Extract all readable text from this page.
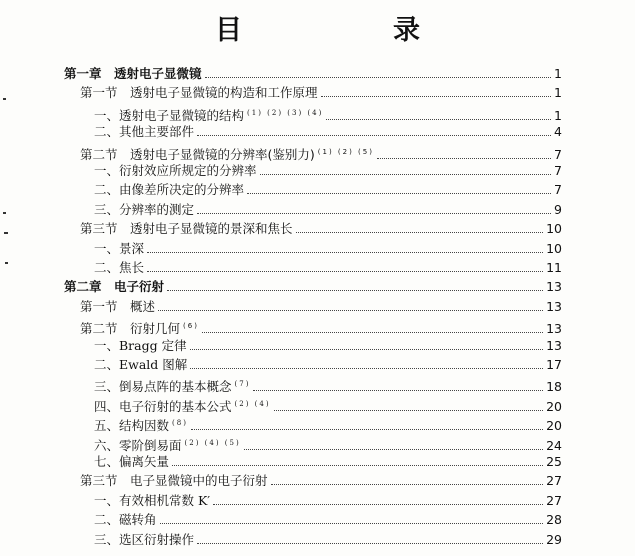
目　录
第一章　透射电子显微镜	1
第一节　透射电子显微镜的构造和工作原理	1
一、透射电子显微镜的结构 $^{(1) (2) (3) (4)}$	1
二、其他主要部件	4
第二节　透射电子显微镜的分辨率(鉴别力) $^{(1) (2) (5)}$	7
一、衍射效应所规定的分辨率	7
二、由像差所决定的分辨率	7
三、分辨率的测定	9
第三节　透射电子显微镜的景深和焦长	10
一、景深	10
二、焦长	11
第二章　电子衍射	13
第一节　概述	13
第二节　衍射几何 $^{(6)}$	13
一、Bragg 定律	13
二、Ewald 图解	17
三、倒易点阵的基本概念 $^{(7)}$	18
四、电子衍射的基本公式 $^{(2) (4)}$	20
五、结构因数 $^{(8)}$	20
六、零阶倒易面 $^{(2) (4) (5)}$	24
七、偏离矢量	25
第三节　电子显微镜中的电子衍射	27
一、有效相机常数 K′	27
二、磁转角	28
三、选区衍射操作	29
